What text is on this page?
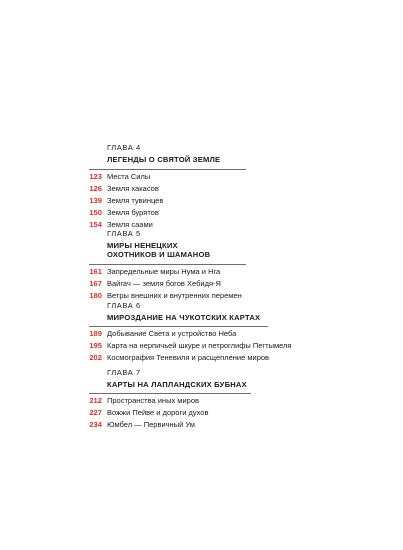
ГЛАВА 4
ЛЕГЕНДЫ О СВЯТОЙ ЗЕМЛЕ
123 Места Силы
126 Земля хакасов
139 Земля тувинцев
150 Земля бурятов
154 Земля саами
ГЛАВА 5
МИРЫ НЕНЕЦКИХ
ОХОТНИКОВ И ШАМАНОВ
161 Запредельные миры Нума и Нга
167 Вайгач — земля богов Хебидя-Я
180 Ветры внешних и внутренних перемен
ГЛАВА 6
МИРОЗДАНИЕ НА ЧУКОТСКИХ КАРТАХ
189 Добывание Света и устройство Неба
195 Карта на нерпичьей шкуре и петроглифы Пегтымеля
202 Космография Теневиля и расщепление миров
ГЛАВА 7
КАРТЫ НА ЛАПЛАНДСКИХ БУБНАХ
212 Пространства иных миров
227 Вожжи Пейве и дороги духов
234 Юмбел — Первичный Ум
